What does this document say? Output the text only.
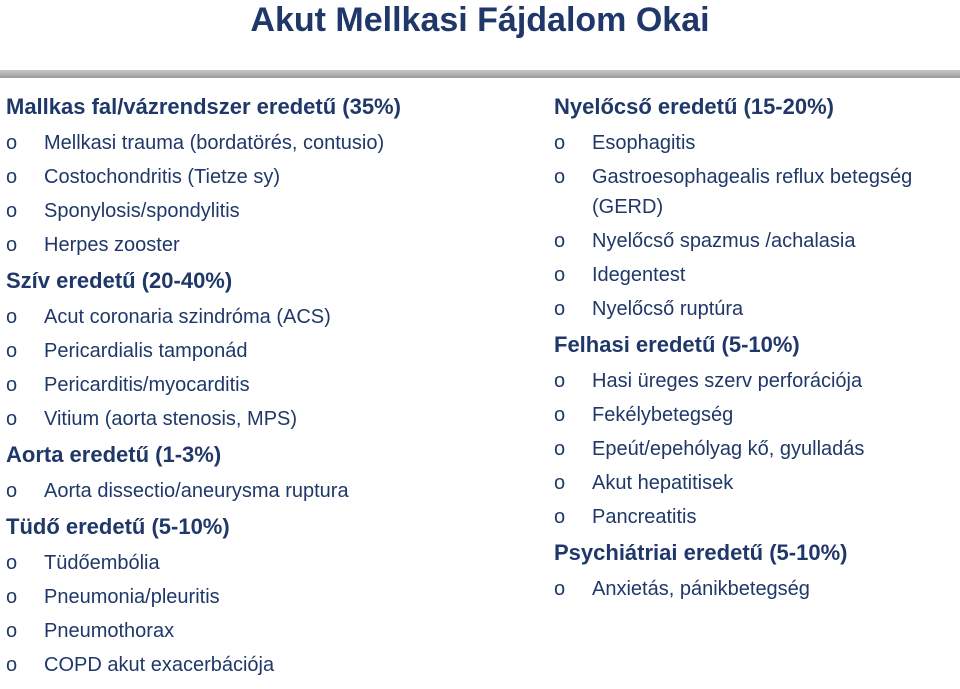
Akut Mellkasi Fájdalom Okai
Mallkas fal/vázrendszer eredetű (35%)
o	Mellkasi trauma (bordatörés, contusio)
o	Costochondritis (Tietze sy)
o	Sponylosis/spondylitis
o	Herpes zooster
Szív eredetű (20-40%)
o	Acut coronaria szindróma (ACS)
o	Pericardialis tamponád
o	Pericarditis/myocarditis
o	Vitium (aorta stenosis, MPS)
Aorta eredetű (1-3%)
o	Aorta dissectio/aneurysma ruptura
Tüdő eredetű (5-10%)
o	Tüdőembólia
o	Pneumonia/pleuritis
o	Pneumothorax
o	COPD akut exacerbációja
Nyelőcső eredetű (15-20%)
o	Esophagitis
o	Gastroesophagealis reflux betegség (GERD)
o	Nyelőcső spazmus /achalasia
o	Idegentest
o	Nyelőcső ruptúra
Felhasi eredetű (5-10%)
o	Hasi üreges szerv perforációja
o	Fekélybetegség
o	Epeút/epehólyag kő, gyulladás
o	Akut hepatitisek
o	Pancreatitis
Psychiátriai eredetű (5-10%)
o	Anxietás, pánikbetegség
